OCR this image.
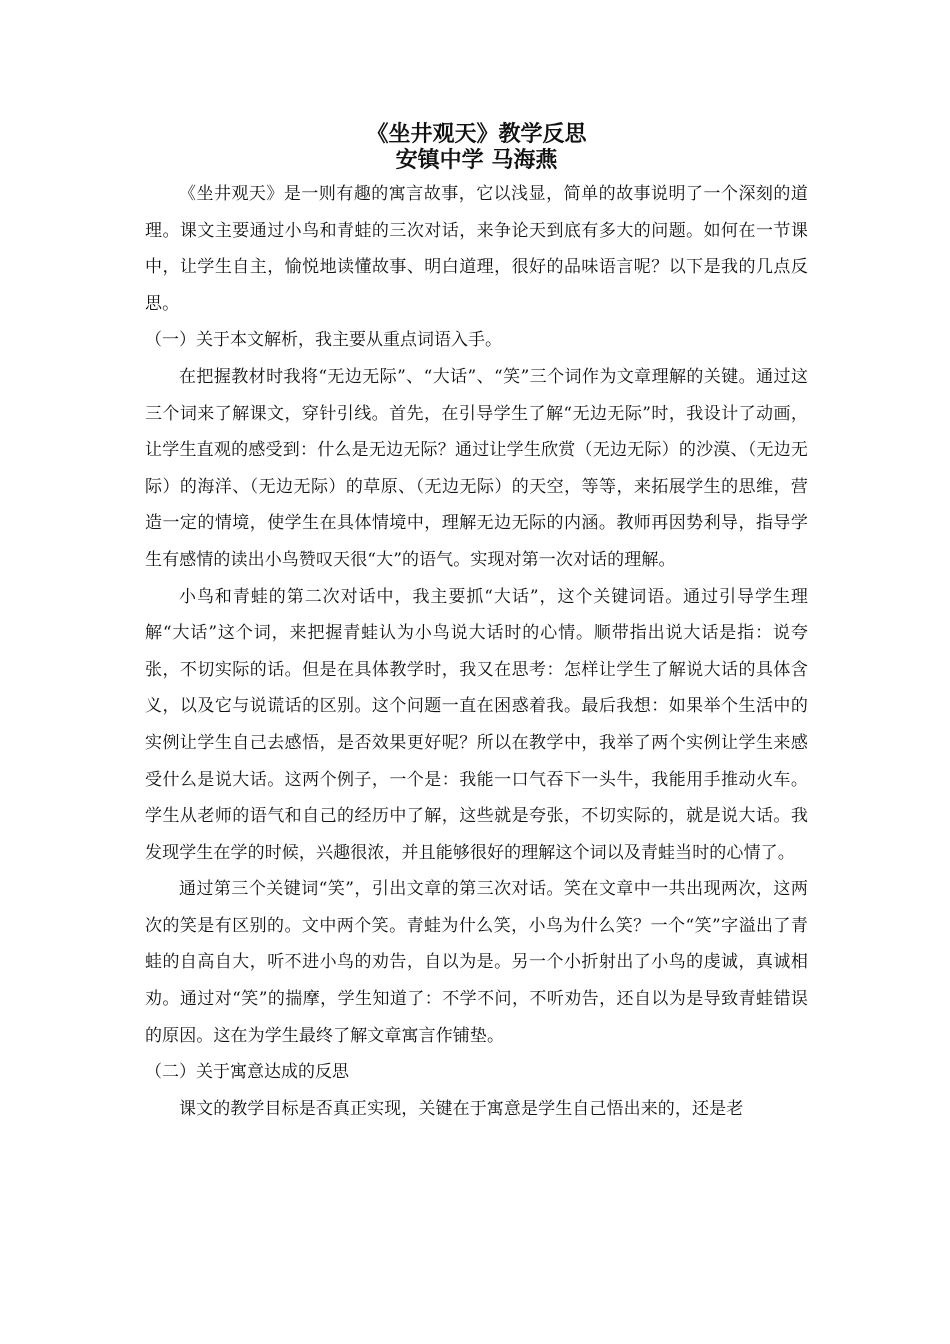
《坐井观天》教学反思
安镇中学 马海燕

《坐井观天》是一则有趣的寓言故事，它以浅显，简单的故事说明了一个深刻的道理。课文主要通过小鸟和青蛙的三次对话，来争论天到底有多大的问题。如何在一节课中，让学生自主，愉悦地读懂故事、明白道理，很好的品味语言呢？以下是我的几点反思。

（一）关于本文解析，我主要从重点词语入手。

在把握教材时我将“无边无际”、“大话”、“笑”三个词作为文章理解的关键。通过这三个词来了解课文，穿针引线。首先，在引导学生了解“无边无际”时，我设计了动画，让学生直观的感受到：什么是无边无际？通过让学生欣赏（无边无际）的沙漠、（无边无际）的海洋、（无边无际）的草原、（无边无际）的天空，等等，来拓展学生的思维，营造一定的情境，使学生在具体情境中，理解无边无际的内涵。教师再因势利导，指导学生有感情的读出小鸟赞叹天很“大”的语气。实现对第一次对话的理解。

小鸟和青蛙的第二次对话中，我主要抓“大话”，这个关键词语。通过引导学生理解“大话”这个词，来把握青蛙认为小鸟说大话时的心情。顺带指出说大话是指：说夸张，不切实际的话。但是在具体教学时，我又在思考：怎样让学生了解说大话的具体含义，以及它与说谎话的区别。这个问题一直在困惑着我。最后我想：如果举个生活中的实例让学生自己去感悟，是否效果更好呢？所以在教学中，我举了两个实例让学生来感受什么是说大话。这两个例子，一个是：我能一口气吞下一头牛，我能用手推动火车。学生从老师的语气和自己的经历中了解，这些就是夸张，不切实际的，就是说大话。我发现学生在学的时候，兴趣很浓，并且能够很好的理解这个词以及青蛙当时的心情了。

通过第三个关键词“笑”，引出文章的第三次对话。笑在文章中一共出现两次，这两次的笑是有区别的。文中两个笑。青蛙为什么笑，小鸟为什么笑？一个“笑”字溢出了青蛙的自高自大，听不进小鸟的劝告，自以为是。另一个小折射出了小鸟的虔诚，真诚相劝。通过对“笑”的揣摩，学生知道了：不学不问，不听劝告，还自以为是导致青蛙错误的原因。这在为学生最终了解文章寓言作铺垫。

（二）关于寓意达成的反思

课文的教学目标是否真正实现，关键在于寓意是学生自己悟出来的，还是老
